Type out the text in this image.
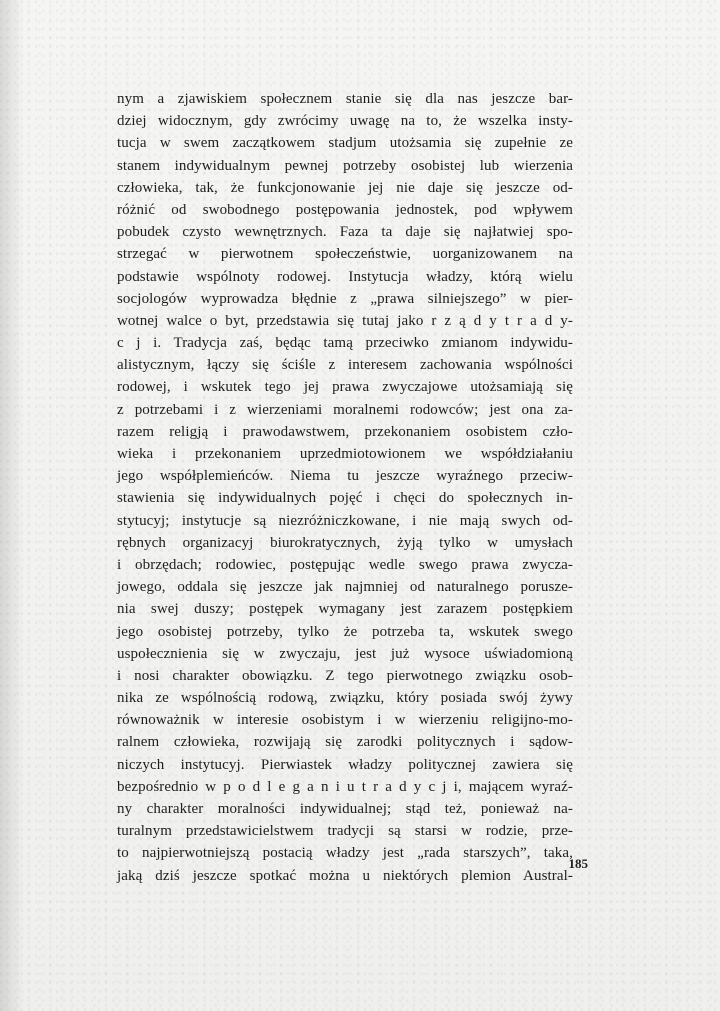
nym a zjawiskiem społecznem stanie się dla nas jeszcze bar-
dziej widocznym, gdy zwrócimy uwagę na to, że wszelka insty-
tucja w swem zaczątkowem stadjum utożsamia się zupełnie ze
stanem indywidualnym pewnej potrzeby osobistej lub wierzenia
człowieka, tak, że funkcjonowanie jej nie daje się jeszcze od-
różnić od swobodnego postępowania jednostek, pod wpływem
pobudek czysto wewnętrznych. Faza ta daje się najłatwiej spo-
strzegać w pierwotnem społeczeństwie, uorganizowanem na
podstawie wspólnoty rodowej. Instytucja władzy, którą wielu
socjologów wyprowadza błędnie z „prawa silniejszego” w pier-
wotnej walce o byt, przedstawia się tutaj jako r z ą d y t r a d y-
c j i. Tradycja zaś, będąc tamą przeciwko zmianom indywidu-
alistycznym, łączy się ściśle z interesem zachowania wspólności
rodowej, i wskutek tego jej prawa zwyczajowe utożsamiają się
z potrzebami i z wierzeniami moralnemi rodowców; jest ona za-
razem religją i prawodawstwem, przekonaniem osobistem czło-
wieka i przekonaniem uprzedmiotowionem we współdziałaniu
jego współplemieńców. Niema tu jeszcze wyraźnego przeciw-
stawienia się indywidualnych pojęć i chęci do społecznych in-
stytucyj; instytucje są niezróżniczkowane, i nie mają swych od-
rębnych organizacyj biurokratycznych, żyją tylko w umysłach
i obrzędach; rodowiec, postępując wedle swego prawa zwycza-
jowego, oddala się jeszcze jak najmniej od naturalnego porusze-
nia swej duszy; postępek wymagany jest zarazem postępkiem
jego osobistej potrzeby, tylko że potrzeba ta, wskutek swego
uspołecznienia się w zwyczaju, jest już wysoce uświadomioną
i nosi charakter obowiązku. Z tego pierwotnego związku osob-
nika ze wspólnością rodową, związku, który posiada swój żywy
równoważnik w interesie osobistym i w wierzeniu religijno-mo-
ralnem człowieka, rozwijają się zarodki politycznych i sądow-
niczych instytucyj. Pierwiastek władzy politycznej zawiera się
bezpośrednio w p o d l e g a n i u t r a d y c j i, mającem wyraź-
ny charakter moralności indywidualnej; stąd też, ponieważ na-
turalnym przedstawicielstwem tradycji są starsi w rodzie, prze-
to najpierwotniejszą postacią władzy jest „rada starszych”, taka,
jaką dziś jeszcze spotkać można u niektórych plemion Austral-
185
